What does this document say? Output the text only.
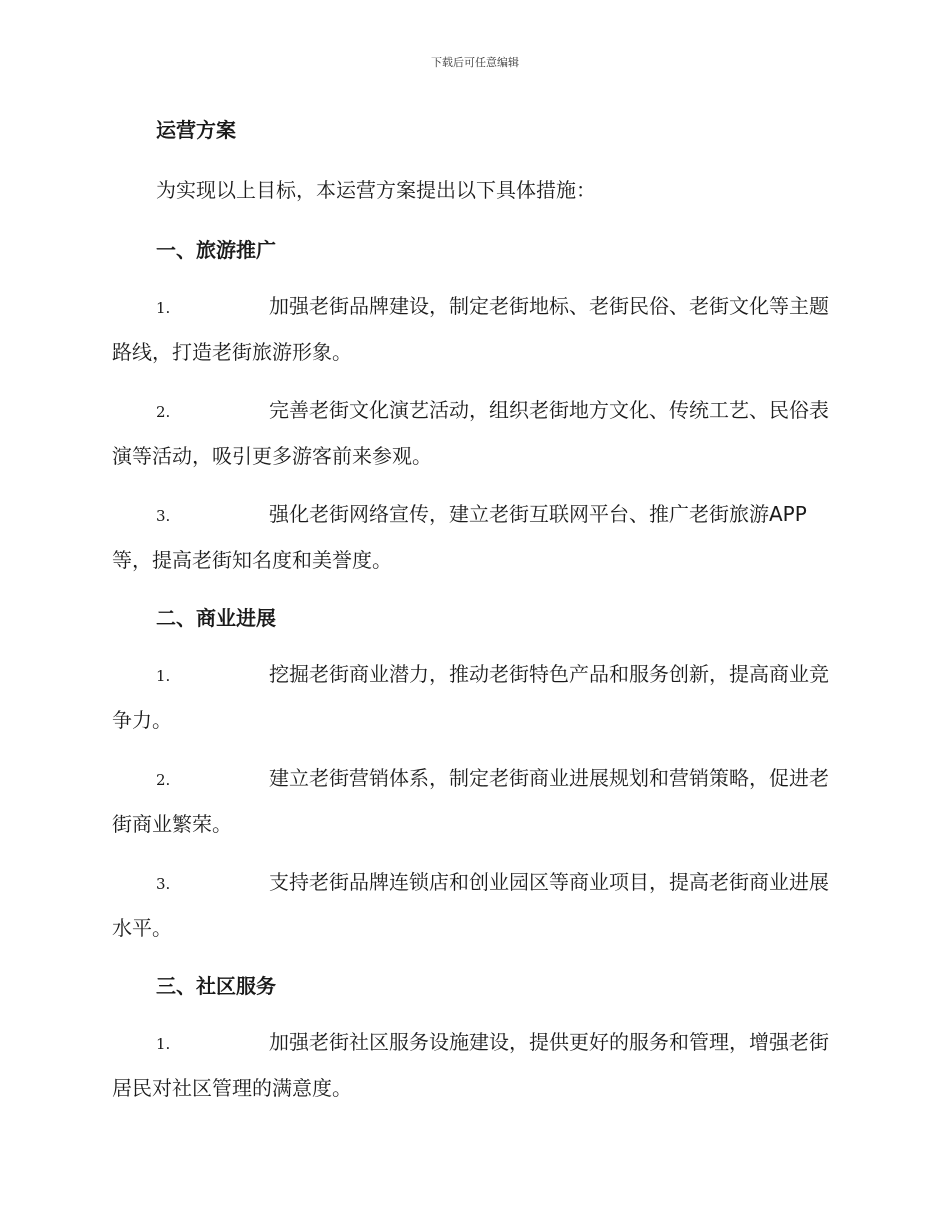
下载后可任意编辑
运营方案

为实现以上目标，本运营方案提出以下具体措施：

一、旅游推广

1.	加强老街品牌建设，制定老街地标、老街民俗、老街文化等主题路线，打造老街旅游形象。

2.	完善老街文化演艺活动，组织老街地方文化、传统工艺、民俗表演等活动，吸引更多游客前来参观。

3.	强化老街网络宣传，建立老街互联网平台、推广老街旅游APP等，提高老街知名度和美誉度。

二、商业进展

1.	挖掘老街商业潜力，推动老街特色产品和服务创新，提高商业竞争力。

2.	建立老街营销体系，制定老街商业进展规划和营销策略，促进老街商业繁荣。

3.	支持老街品牌连锁店和创业园区等商业项目，提高老街商业进展水平。

三、社区服务

1.	加强老街社区服务设施建设，提供更好的服务和管理，增强老街居民对社区管理的满意度。
